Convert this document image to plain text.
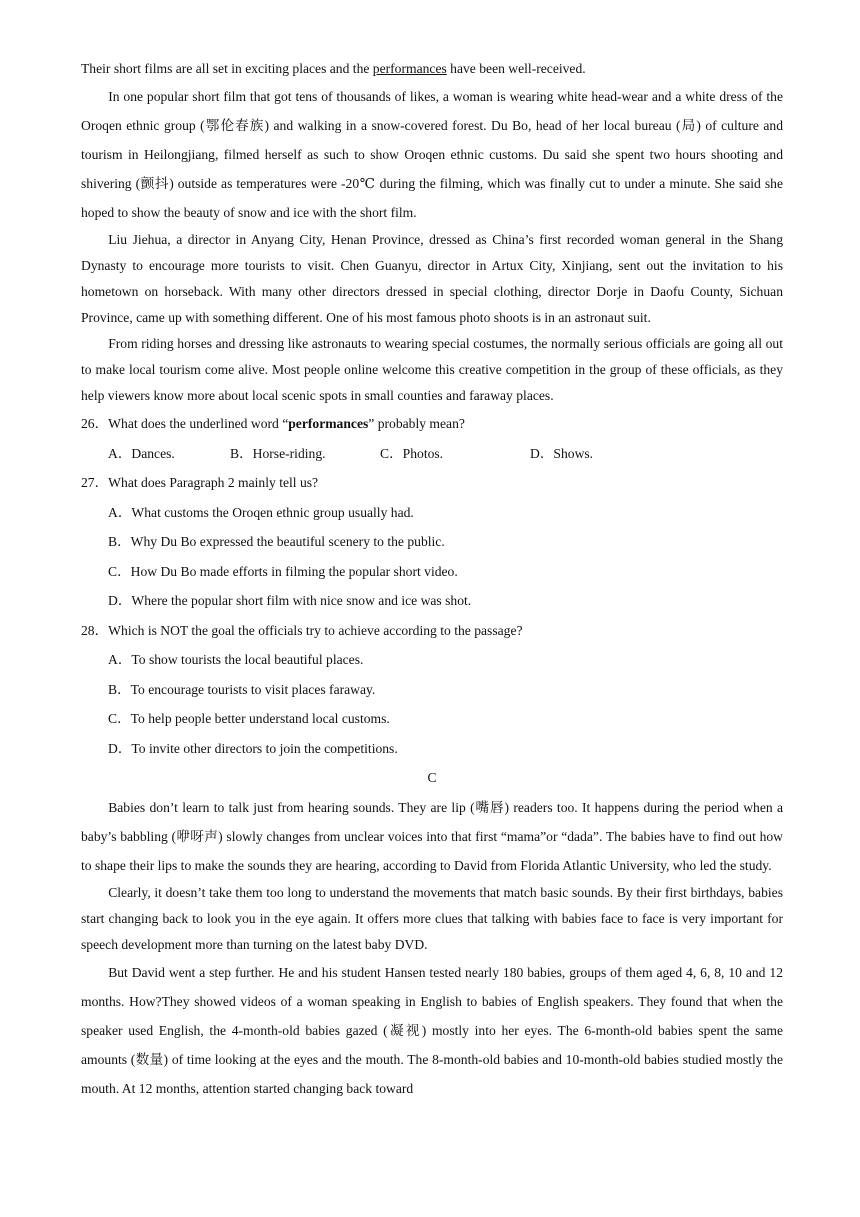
Their short films are all set in exciting places and the performances have been well-received.

In one popular short film that got tens of thousands of likes, a woman is wearing white head-wear and a white dress of the Oroqen ethnic group (鄂伦春族) and walking in a snow-covered forest. Du Bo, head of her local bureau (局) of culture and tourism in Heilongjiang, filmed herself as such to show Oroqen ethnic customs. Du said she spent two hours shooting and shivering (颤抖) outside as temperatures were -20℃ during the filming, which was finally cut to under a minute. She said she hoped to show the beauty of snow and ice with the short film.

Liu Jiehua, a director in Anyang City, Henan Province, dressed as China’s first recorded woman general in the Shang Dynasty to encourage more tourists to visit. Chen Guanyu, director in Artux City, Xinjiang, sent out the invitation to his hometown on horseback. With many other directors dressed in special clothing, director Dorje in Daofu County, Sichuan Province, came up with something different. One of his most famous photo shoots is in an astronaut suit.

From riding horses and dressing like astronauts to wearing special costumes, the normally serious officials are going all out to make local tourism come alive. Most people online welcome this creative competition in the group of these officials, as they help viewers know more about local scenic spots in small counties and faraway places.

26．What does the underlined word “performances” probably mean?

A．Dances.	B．Horse-riding.	C．Photos.	D．Shows.

27．What does Paragraph 2 mainly tell us?

A．What customs the Oroqen ethnic group usually had.
B．Why Du Bo expressed the beautiful scenery to the public.
C．How Du Bo made efforts in filming the popular short video.
D．Where the popular short film with nice snow and ice was shot.

28．Which is NOT the goal the officials try to achieve according to the passage?

A．To show tourists the local beautiful places.
B．To encourage tourists to visit places faraway.
C．To help people better understand local customs.
D．To invite other directors to join the competitions.
C

Babies don’t learn to talk just from hearing sounds. They are lip (嘴唇) readers too. It happens during the period when a baby’s babbling (咿呀声) slowly changes from unclear voices into that first “mama”or “dada”. The babies have to find out how to shape their lips to make the sounds they are hearing, according to David from Florida Atlantic University, who led the study.

Clearly, it doesn’t take them too long to understand the movements that match basic sounds. By their first birthdays, babies start changing back to look you in the eye again. It offers more clues that talking with babies face to face is very important for speech development more than turning on the latest baby DVD.

But David went a step further. He and his student Hansen tested nearly 180 babies, groups of them aged 4, 6, 8, 10 and 12 months. How?They showed videos of a woman speaking in English to babies of English speakers. They found that when the speaker used English, the 4-month-old babies gazed (凝视) mostly into her eyes. The 6-month-old babies spent the same amounts (数量) of time looking at the eyes and the mouth. The 8-month-old babies and 10-month-old babies studied mostly the mouth. At 12 months, attention started changing back toward
